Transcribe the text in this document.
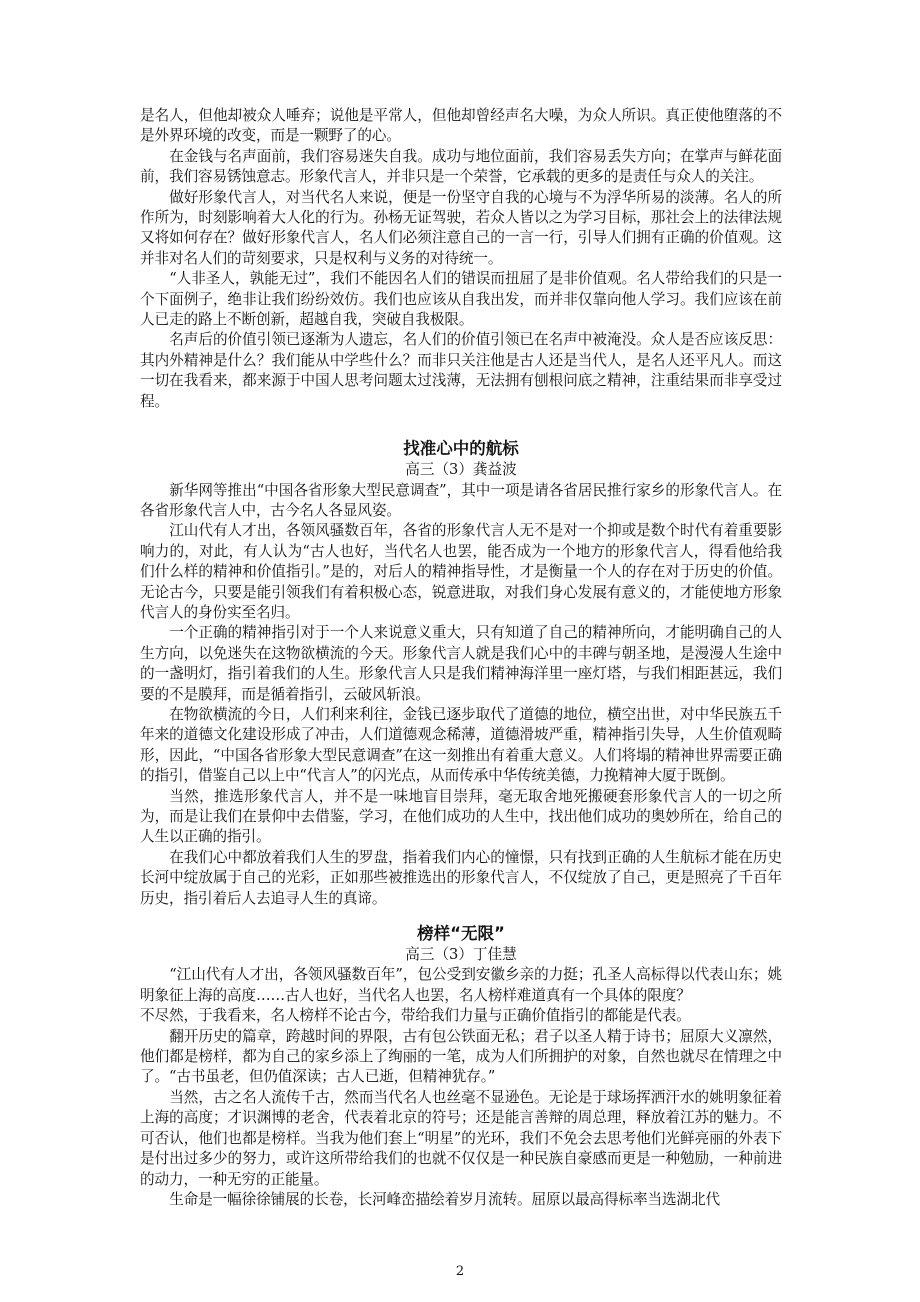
是名人，但他却被众人唾弃；说他是平常人，但他却曾经声名大噪，为众人所识。真正使他堕落的不是外界环境的改变，而是一颗野了的心。

在金钱与名声面前，我们容易迷失自我。成功与地位面前，我们容易丢失方向；在掌声与鲜花面前，我们容易锈蚀意志。形象代言人，并非只是一个荣誉，它承载的更多的是责任与众人的关注。

做好形象代言人，对当代名人来说，便是一份坚守自我的心境与不为浮华所易的淡薄。名人的所作所为，时刻影响着大人化的行为。孙杨无证驾驶，若众人皆以之为学习目标，那社会上的法律法规又将如何存在？做好形象代言人，名人们必须注意自己的一言一行，引导人们拥有正确的价值观。这并非对名人们的苛刻要求，只是权利与义务的对待统一。

“人非圣人，孰能无过”，我们不能因名人们的错误而扭屈了是非价值观。名人带给我们的只是一个下面例子，绝非让我们纷纷效仿。我们也应该从自我出发，而并非仅靠向他人学习。我们应该在前人已走的路上不断创新，超越自我，突破自我极限。

名声后的价值引领已逐渐为人遗忘，名人们的价值引领已在名声中被淹没。众人是否应该反思：其内外精神是什么？我们能从中学些什么？而非只关注他是古人还是当代人，是名人还平凡人。而这一切在我看来，都来源于中国人思考问题太过浅薄，无法拥有刨根问底之精神，注重结果而非享受过程。

找准心中的航标

高三（3）龚益波

新华网等推出“中国各省形象大型民意调查”，其中一项是请各省居民推行家乡的形象代言人。在各省形象代言人中，古今名人各显风姿。

江山代有人才出，各领风骚数百年，各省的形象代言人无不是对一个抑或是数个时代有着重要影响力的，对此，有人认为“古人也好，当代名人也罢，能否成为一个地方的形象代言人，得看他给我们什么样的精神和价值指引。”是的，对后人的精神指导性，才是衡量一个人的存在对于历史的价值。无论古今，只要是能引领我们有着积极心态，锐意进取，对我们身心发展有意义的，才能使地方形象代言人的身份实至名归。

一个正确的精神指引对于一个人来说意义重大，只有知道了自己的精神所向，才能明确自己的人生方向，以免迷失在这物欲横流的今天。形象代言人就是我们心中的丰碑与朝圣地，是漫漫人生途中的一盏明灯，指引着我们的人生。形象代言人只是我们精神海洋里一座灯塔，与我们相距甚远，我们要的不是膜拜，而是循着指引，云破风斩浪。

在物欲横流的今日，人们利来利往，金钱已逐步取代了道德的地位，横空出世，对中华民族五千年来的道德文化建设形成了冲击，人们道德观念稀薄，道德滑坡严重，精神指引失导，人生价值观畸形，因此，“中国各省形象大型民意调查”在这一刻推出有着重大意义。人们将塌的精神世界需要正确的指引，借鉴自己以上中“代言人”的闪光点，从而传承中华传统美德，力挽精神大厦于既倒。

当然，推选形象代言人，并不是一味地盲目崇拜，毫无取舍地死搬硬套形象代言人的一切之所为，而是让我们在景仰中去借鉴，学习，在他们成功的人生中，找出他们成功的奥妙所在，给自己的人生以正确的指引。

在我们心中都放着我们人生的罗盘，指着我们内心的憧憬，只有找到正确的人生航标才能在历史长河中绽放属于自己的光彩，正如那些被推选出的形象代言人，不仅绽放了自己，更是照亮了千百年历史，指引着后人去追寻人生的真谛。

榜样“无限”

高三（3）丁佳慧

“江山代有人才出，各领风骚数百年”，包公受到安徽乡亲的力挺；孔圣人高标得以代表山东；姚明象征上海的高度……古人也好，当代名人也罢，名人榜样难道真有一个具体的限度？

不尽然，于我看来，名人榜样不论古今，带给我们力量与正确价值指引的都能是代表。

翻开历史的篇章，跨越时间的界限，古有包公铁面无私；君子以圣人精于诗书；屈原大义凛然，他们都是榜样，都为自己的家乡添上了绚丽的一笔，成为人们所拥护的对象，自然也就尽在情理之中了。“古书虽老，但仍值深读；古人已逝，但精神犹存。”

当然，古之名人流传千古，然而当代名人也丝毫不显逊色。无论是于球场挥洒汗水的姚明象征着上海的高度；才识渊博的老舍，代表着北京的符号；还是能言善辩的周总理，释放着江苏的魅力。不可否认，他们也都是榜样。当我为他们套上“明星”的光环，我们不免会去思考他们光鲜亮丽的外表下是付出过多少的努力，或许这所带给我们的也就不仅仅是一种民族自豪感而更是一种勉励，一种前进的动力，一种无穷的正能量。

生命是一幅徐徐铺展的长卷，长河峰峦描绘着岁月流转。屈原以最高得标率当选湖北代

2
